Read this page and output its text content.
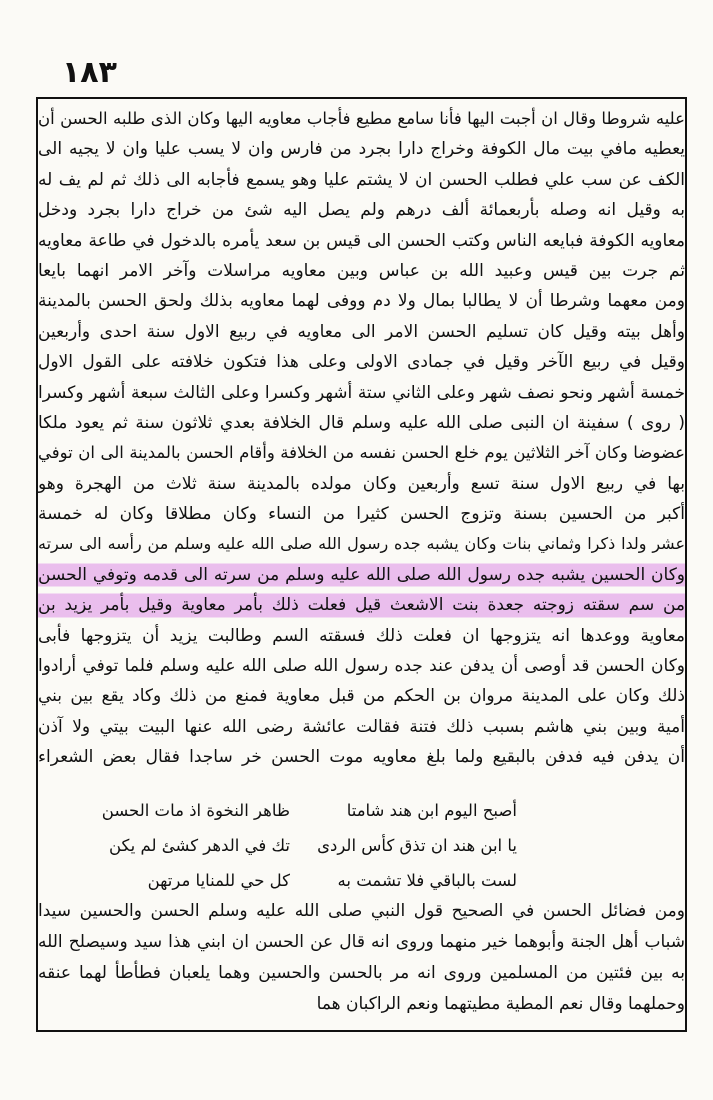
١٨٣
عليه شروطا وقال ان أجبت اليها فأنا سامع مطيع فأجاب معاويه اليها وكان الذى طلبه الحسن أن
يعطيه مافي بيت مال الكوفة وخراج دارا بجرد من فارس وان لا يسب عليا وان لا يجيه الى
الكف عن سب علي فطلب الحسن ان لا يشتم عليا وهو يسمع فأجابه الى ذلك ثم لم يف له
به وقيل انه وصله بأربعمائة ألف درهم ولم يصل اليه شئ من خراج دارا بجرد ودخل
معاويه الكوفة فبايعه الناس وكتب الحسن الى قيس بن سعد يأمره بالدخول في طاعة معاويه
ثم جرت بين قيس وعبيد الله بن عباس وبين معاويه مراسلات وآخر الامر انهما بايعا
ومن معهما وشرطا أن لا يطالبا بمال ولا دم ووفى لهما معاويه بذلك ولحق الحسن بالمدينة
وأهل بيته وقيل كان تسليم الحسن الامر الى معاويه في ربيع الاول سنة احدى وأربعين
وقيل في ربيع الآخر وقيل في جمادى الاولى وعلى هذا فتكون خلافته على القول الاول
خمسة أشهر ونحو نصف شهر وعلى الثاني ستة أشهر وكسرا وعلى الثالث سبعة أشهر وكسرا
( روى ) سفينة ان النبى صلى الله عليه وسلم قال الخلافة بعدي ثلاثون سنة ثم يعود ملكا
عضوضا وكان آخر الثلاثين يوم خلع الحسن نفسه من الخلافة وأقام الحسن بالمدينة الى ان توفي
بها في ربيع الاول سنة تسع وأربعين وكان مولده بالمدينة سنة ثلاث من الهجرة وهو
أكبر من الحسين بسنة وتزوج الحسن كثيرا من النساء وكان مطلاقا وكان له خمسة
عشر ولدا ذكرا وثماني بنات وكان يشبه جده رسول الله صلى الله عليه وسلم من رأسه الى سرته
وكان الحسين يشبه جده رسول الله صلى الله عليه وسلم من سرته الى قدمه وتوفي الحسن
من سم سقته زوجته جعدة بنت الاشعث قيل فعلت ذلك بأمر معاوية وقيل بأمر يزيد بن
معاوية ووعدها انه يتزوجها ان فعلت ذلك فسقته السم وطالبت يزيد أن يتزوجها فأبى
وكان الحسن قد أوصى أن يدفن عند جده رسول الله صلى الله عليه وسلم فلما توفي أرادوا
ذلك وكان على المدينة مروان بن الحكم من قبل معاوية فمنع من ذلك وكاد يقع بين بني
أمية وبين بني هاشم بسبب ذلك فتنة فقالت عائشة رضى الله عنها البيت بيتي ولا آذن
أن يدفن فيه فدفن بالبقيع ولما بلغ معاويه موت الحسن خر ساجدا فقال بعض الشعراء
أصبح اليوم ابن هند شامتا
ظاهر النخوة اذ مات الحسن
يا ابن هند ان تذق كأس الردى
تك في الدهر كشئ لم يكن
لست بالباقي فلا تشمت به
كل حي للمنايا مرتهن
ومن فضائل الحسن في الصحيح قول النبي صلى الله عليه وسلم الحسن والحسين سيدا
شباب أهل الجنة وأبوهما خير منهما وروى انه قال عن الحسن ان ابني هذا سيد وسيصلح الله
به بين فئتين من المسلمين وروى انه مر بالحسن والحسين وهما يلعبان فطأطأ لهما عنقه
وحملهما وقال نعم المطية مطيتهما ونعم الراكبان هما
